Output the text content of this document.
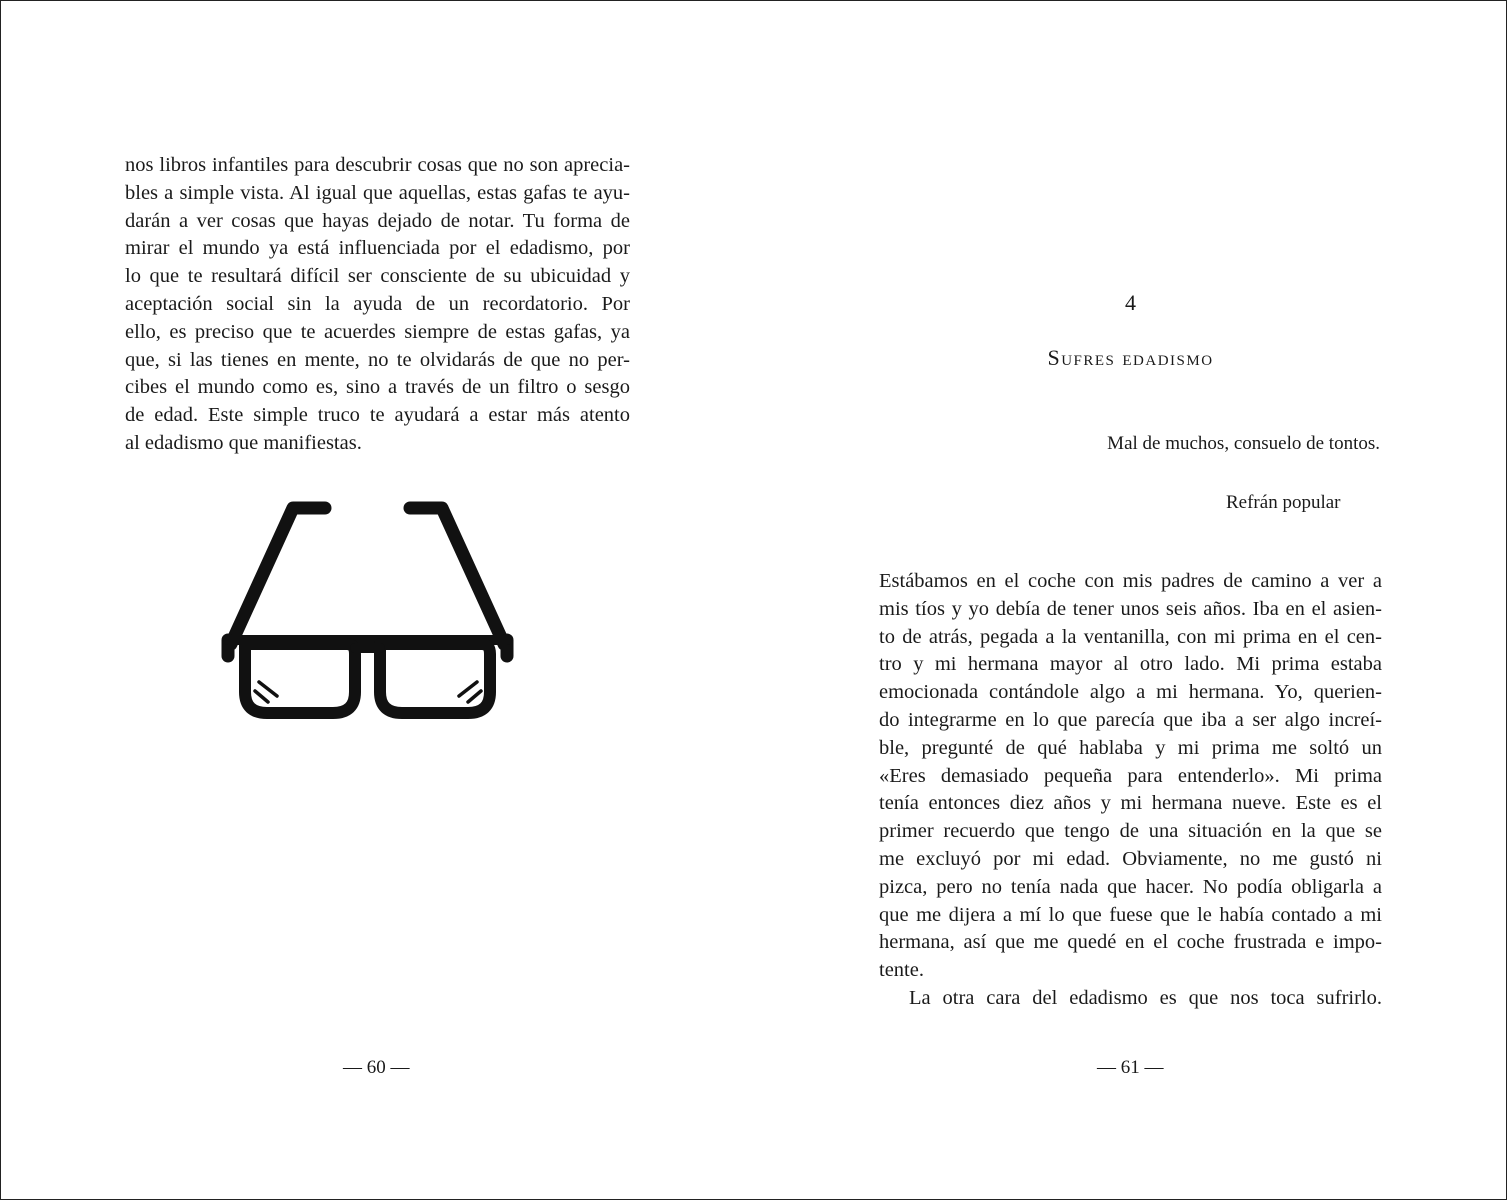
nos libros infantiles para descubrir cosas que no son aprecia-
bles a simple vista. Al igual que aquellas, estas gafas te ayu-
darán a ver cosas que hayas dejado de notar. Tu forma de
mirar el mundo ya está influenciada por el edadismo, por
lo que te resultará difícil ser consciente de su ubicuidad y
aceptación social sin la ayuda de un recordatorio. Por
ello, es preciso que te acuerdes siempre de estas gafas, ya
que, si las tienes en mente, no te olvidarás de que no per-
cibes el mundo como es, sino a través de un filtro o sesgo
de edad. Este simple truco te ayudará a estar más atento
al edadismo que manifiestas.
— 60 —
4
Sufres edadismo
Mal de muchos, consuelo de tontos.
Refrán popular
Estábamos en el coche con mis padres de camino a ver a
mis tíos y yo debía de tener unos seis años. Iba en el asien-
to de atrás, pegada a la ventanilla, con mi prima en el cen-
tro y mi hermana mayor al otro lado. Mi prima estaba
emocionada contándole algo a mi hermana. Yo, querien-
do integrarme en lo que parecía que iba a ser algo increí-
ble, pregunté de qué hablaba y mi prima me soltó un
«Eres demasiado pequeña para entenderlo». Mi prima
tenía entonces diez años y mi hermana nueve. Este es el
primer recuerdo que tengo de una situación en la que se
me excluyó por mi edad. Obviamente, no me gustó ni
pizca, pero no tenía nada que hacer. No podía obligarla a
que me dijera a mí lo que fuese que le había contado a mi
hermana, así que me quedé en el coche frustrada e impo-
tente.
La otra cara del edadismo es que nos toca sufrirlo.
— 61 —
